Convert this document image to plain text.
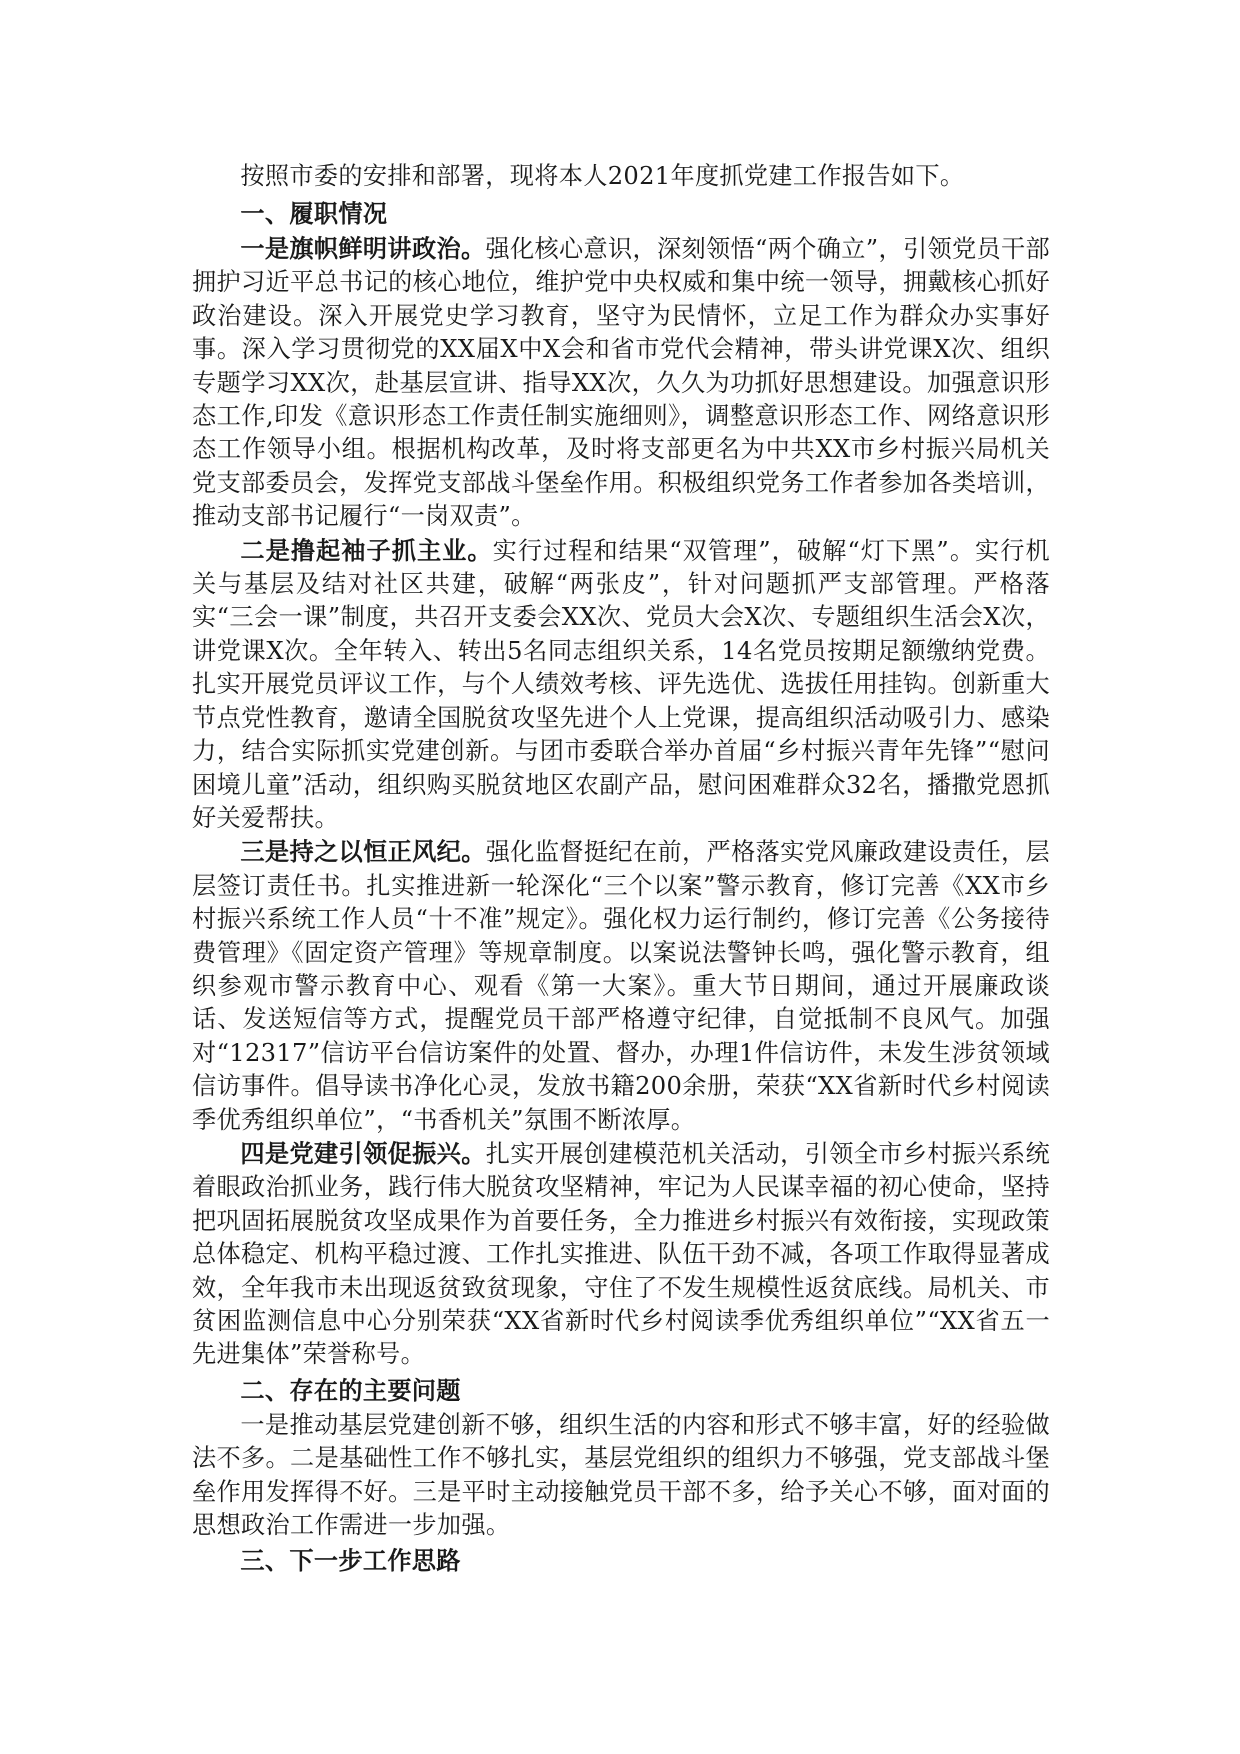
按照市委的安排和部署，现将本人2021年度抓党建工作报告如下。

一、履职情况

一是旗帜鲜明讲政治。强化核心意识，深刻领悟“两个确立”，引领党员干部拥护习近平总书记的核心地位，维护党中央权威和集中统一领导，拥戴核心抓好政治建设。深入开展党史学习教育，坚守为民情怀，立足工作为群众办实事好事。深入学习贯彻党的XX届X中X会和省市党代会精神，带头讲党课X次、组织专题学习XX次，赴基层宣讲、指导XX次，久久为功抓好思想建设。加强意识形态工作,印发《意识形态工作责任制实施细则》，调整意识形态工作、网络意识形态工作领导小组。根据机构改革，及时将支部更名为中共XX市乡村振兴局机关党支部委员会，发挥党支部战斗堡垒作用。积极组织党务工作者参加各类培训，推动支部书记履行“一岗双责”。

二是撸起袖子抓主业。实行过程和结果“双管理”，破解“灯下黑”。实行机关与基层及结对社区共建，破解“两张皮”，针对问题抓严支部管理。严格落实“三会一课”制度，共召开支委会XX次、党员大会X次、专题组织生活会X次，讲党课X次。全年转入、转出5名同志组织关系，14名党员按期足额缴纳党费。扎实开展党员评议工作，与个人绩效考核、评先选优、选拔任用挂钩。创新重大节点党性教育，邀请全国脱贫攻坚先进个人上党课，提高组织活动吸引力、感染力，结合实际抓实党建创新。与团市委联合举办首届“乡村振兴青年先锋”“慰问困境儿童”活动，组织购买脱贫地区农副产品，慰问困难群众32名，播撒党恩抓好关爱帮扶。

三是持之以恒正风纪。强化监督挺纪在前，严格落实党风廉政建设责任，层层签订责任书。扎实推进新一轮深化“三个以案”警示教育，修订完善《XX市乡村振兴系统工作人员“十不准”规定》。强化权力运行制约，修订完善《公务接待费管理》《固定资产管理》等规章制度。以案说法警钟长鸣，强化警示教育，组织参观市警示教育中心、观看《第一大案》。重大节日期间，通过开展廉政谈话、发送短信等方式，提醒党员干部严格遵守纪律，自觉抵制不良风气。加强对“12317”信访平台信访案件的处置、督办，办理1件信访件，未发生涉贫领域信访事件。倡导读书净化心灵，发放书籍200余册，荣获“XX省新时代乡村阅读季优秀组织单位”，“书香机关”氛围不断浓厚。

四是党建引领促振兴。扎实开展创建模范机关活动，引领全市乡村振兴系统着眼政治抓业务，践行伟大脱贫攻坚精神，牢记为人民谋幸福的初心使命，坚持把巩固拓展脱贫攻坚成果作为首要任务，全力推进乡村振兴有效衔接，实现政策总体稳定、机构平稳过渡、工作扎实推进、队伍干劲不减，各项工作取得显著成效，全年我市未出现返贫致贫现象，守住了不发生规模性返贫底线。局机关、市贫困监测信息中心分别荣获“XX省新时代乡村阅读季优秀组织单位”“XX省五一先进集体”荣誉称号。

二、存在的主要问题

一是推动基层党建创新不够，组织生活的内容和形式不够丰富，好的经验做法不多。二是基础性工作不够扎实，基层党组织的组织力不够强，党支部战斗堡垒作用发挥得不好。三是平时主动接触党员干部不多，给予关心不够，面对面的思想政治工作需进一步加强。

三、下一步工作思路
